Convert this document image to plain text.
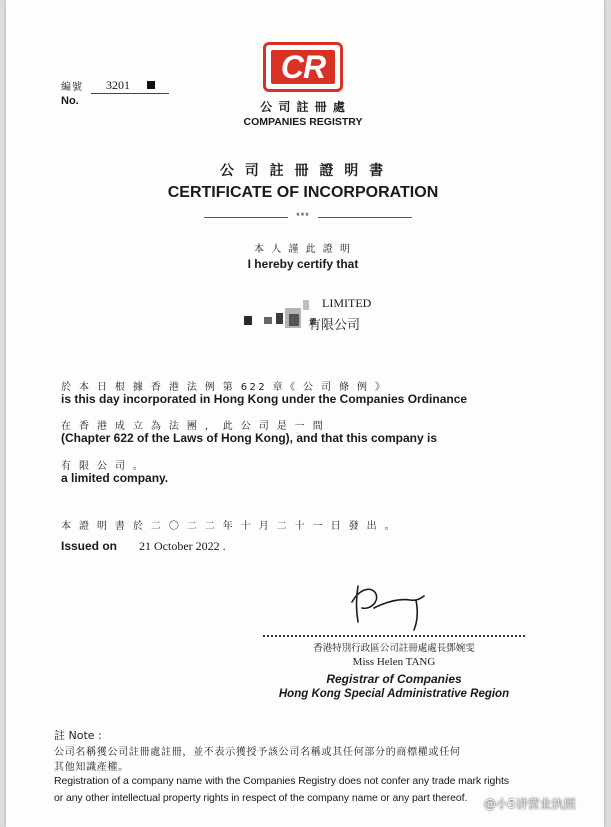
編號
No.
3201	CR
公 司 註 冊 處
COMPANIES REGISTRY
公 司 註 冊 證 明 書
CERTIFICATE OF INCORPORATION
***
本 人 謹 此 證 明
I hereby certify that
LIMITED
有限公司
於 本 日 根 據 香 港 法 例 第 622 章《 公 司 條 例 》
is this day incorporated in Hong Kong under the Companies Ordinance
在 香 港 成 立 為 法 團 ， 此 公 司 是 一 間
(Chapter 622 of the Laws of Hong Kong), and that this company is
有 限 公 司 。
a limited company.
本 證 明 書 於 二 〇 二 二 年 十 月 二 十 一 日 發 出 。
Issued on 21 October 2022 .
香港特別行政區公司註冊處處長鄧婉雯
Miss Helen TANG
Registrar of Companies
Hong Kong Special Administrative Region
註 Note :
公司名稱獲公司註冊處註冊，並不表示獲授予該公司名稱或其任何部分的商標權或任何
其他知識產權。
Registration of a company name with the Companies Registry does not confer any trade mark rights
or any other intellectual property rights in respect of the company name or any part thereof. @小5讲营业执照
